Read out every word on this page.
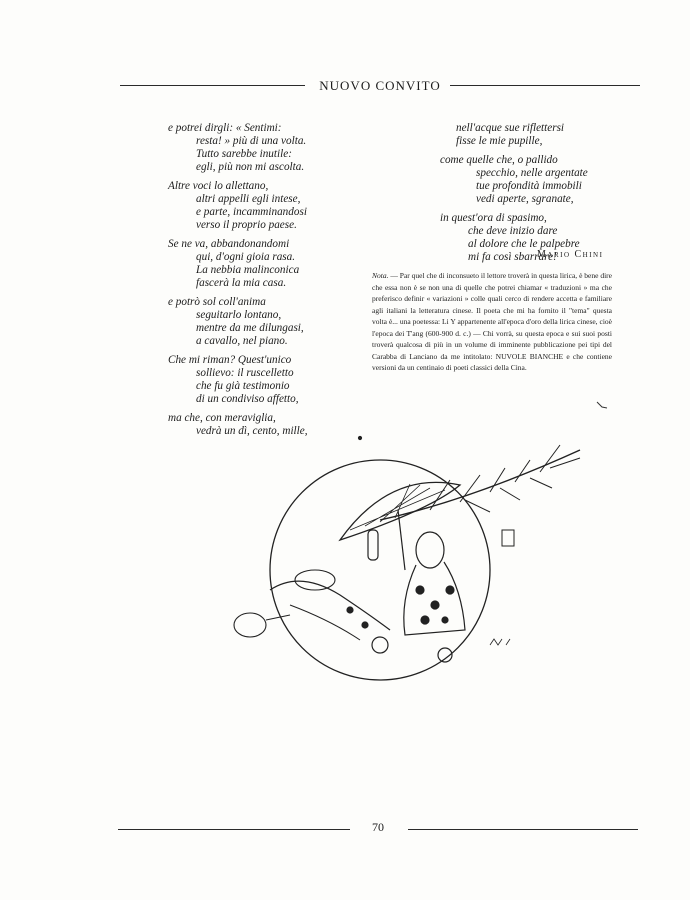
NUOVO CONVITO
e potrei dirgli: « Sentimi:
resta! » più di una volta.
Tutto sarebbe inutile:
egli, più non mi ascolta.
Altre voci lo allettano,
altri appelli egli intese,
e parte, incamminandosi
verso il proprio paese.
Se ne va, abbandonandomi
qui, d'ogni gioia rasa.
La nebbia malinconica
fascerà la mia casa.
e potrò sol coll'anima
seguitarlo lontano,
mentre da me dilungasi,
a cavallo, nel piano.
Che mi riman? Quest'unico
sollievo: il ruscelletto
che fu già testimonio
di un condiviso affetto,
ma che, con meraviglia,
vedrà un dì, cento, mille,
nell'acque sue riflettersi
fisse le mie pupille,
come quelle che, o pallido
specchio, nelle argentate
tue profondità immobili
vedi aperte, sgranate,
in quest'ora di spasimo,
che deve inizio dare
al dolore che le palpebre
mi fa così sbarrare!
Mario Chini
Nota. — Par quel che di inconsueto il lettore troverà in questa lirica, è bene dire che essa non è se non una di quelle che potrei chiamar « traduzioni » ma che preferisco definir « variazioni » colle quali cerco di rendere accetta e familiare agli italiani la letteratura cinese. Il poeta che mi ha fornito il "tema" questa volta è... una poetessa: Li Y appartenente all'epoca d'oro della lirica cinese, cioè l'epoca dei T'ang (600-900 d. c.) — Chi vorrà, su questa epoca e sui suoi posti troverà qualcosa di più in un volume di imminente pubblicazione pei tipi del Carabba di Lanciano da me intitolato: NUVOLE BIANCHE e che contiene versioni da un centinaio di poeti classici della Cina.
70
